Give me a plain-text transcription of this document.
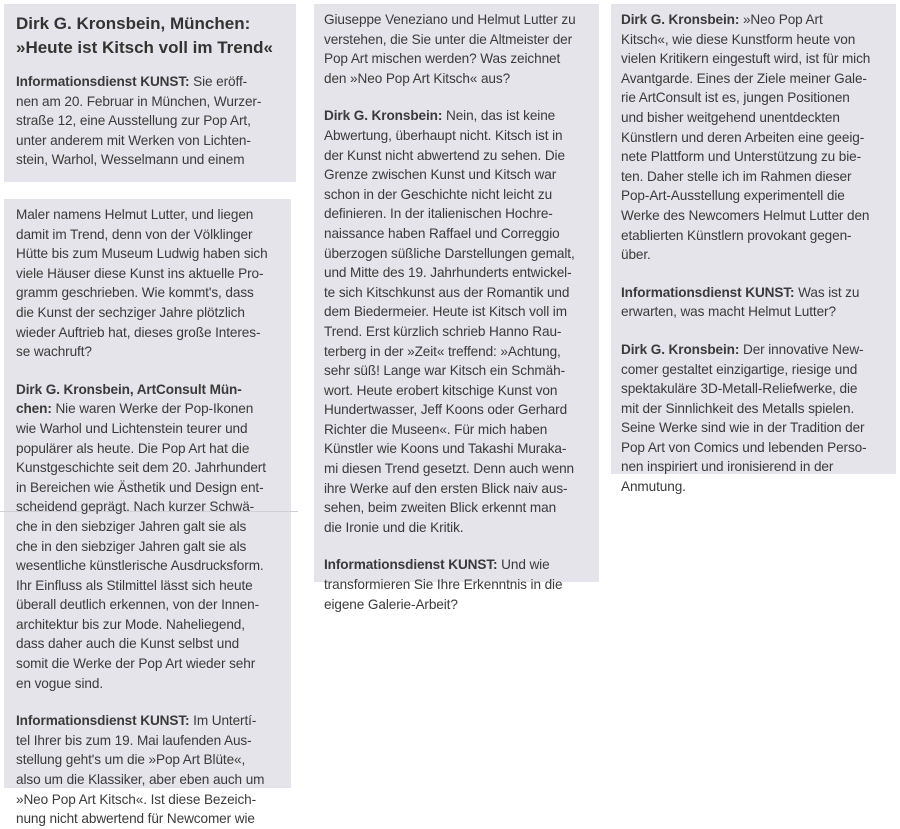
Dirk G. Kronsbein, München:
»Heute ist Kitsch voll im Trend«
Informationsdienst KUNST: Sie eröff-
nen am 20. Februar in München, Wurzer-
straße 12, eine Ausstellung zur Pop Art,
unter anderem mit Werken von Lichten-
stein, Warhol, Wesselmann und einem
Maler namens Helmut Lutter, und liegen
damit im Trend, denn von der Völklinger
Hütte bis zum Museum Ludwig haben sich
viele Häuser diese Kunst ins aktuelle Pro-
gramm geschrieben. Wie kommt's, dass
die Kunst der sechziger Jahre plötzlich
wieder Auftrieb hat, dieses große Interes-
se wachruft?
Dirk G. Kronsbein, ArtConsult Mün-
chen: Nie waren Werke der Pop-Ikonen
wie Warhol und Lichtenstein teurer und
populärer als heute. Die Pop Art hat die
Kunstgeschichte seit dem 20. Jahrhundert
in Bereichen wie Ästhetik und Design ent-
scheidend geprägt. Nach kurzer Schwä-
che in den siebziger Jahren galt sie als
che in den siebziger Jahren galt sie als
wesentliche künstlerische Ausdrucksform.
Ihr Einfluss als Stilmittel lässt sich heute
überall deutlich erkennen, von der Innen-
architektur bis zur Mode. Naheliegend,
dass daher auch die Kunst selbst und
somit die Werke der Pop Art wieder sehr
en vogue sind.
Informationsdienst KUNST: Im Untertí-
tel Ihrer bis zum 19. Mai laufenden Aus-
stellung geht's um die »Pop Art Blüte«,
also um die Klassiker, aber eben auch um
»Neo Pop Art Kitsch«. Ist diese Bezeich-
nung nicht abwertend für Newcomer wie
Giuseppe Veneziano und Helmut Lutter zu
verstehen, die Sie unter die Altmeister der
Pop Art mischen werden? Was zeichnet
den »Neo Pop Art Kitsch« aus?
Dirk G. Kronsbein: Nein, das ist keine
Abwertung, überhaupt nicht. Kitsch ist in
der Kunst nicht abwertend zu sehen. Die
Grenze zwischen Kunst und Kitsch war
schon in der Geschichte nicht leicht zu
definieren. In der italienischen Hochre-
naissance haben Raffael und Correggio
überzogen süßliche Darstellungen gemalt,
und Mitte des 19. Jahrhunderts entwickel-
te sich Kitschkunst aus der Romantik und
dem Biedermeier. Heute ist Kitsch voll im
Trend. Erst kürzlich schrieb Hanno Rau-
terberg in der »Zeit« treffend: »Achtung,
sehr süß! Lange war Kitsch ein Schmäh-
wort. Heute erobert kitschige Kunst von
Hundertwasser, Jeff Koons oder Gerhard
Richter die Museen«. Für mich haben
Künstler wie Koons und Takashi Muraka-
mi diesen Trend gesetzt. Denn auch wenn
ihre Werke auf den ersten Blick naiv aus-
sehen, beim zweiten Blick erkennt man
die Ironie und die Kritik.
Informationsdienst KUNST: Und wie
transformieren Sie Ihre Erkenntnis in die
eigene Galerie-Arbeit?
Dirk G. Kronsbein: »Neo Pop Art
Kitsch«, wie diese Kunstform heute von
vielen Kritikern eingestuft wird, ist für mich
Avantgarde. Eines der Ziele meiner Gale-
rie ArtConsult ist es, jungen Positionen
und bisher weitgehend unentdeckten
Künstlern und deren Arbeiten eine geeig-
nete Plattform und Unterstützung zu bie-
ten. Daher stelle ich im Rahmen dieser
Pop-Art-Ausstellung experimentell die
Werke des Newcomers Helmut Lutter den
etablierten Künstlern provokant gegen-
über.
Informationsdienst KUNST: Was ist zu
erwarten, was macht Helmut Lutter?
Dirk G. Kronsbein: Der innovative New-
comer gestaltet einzigartige, riesige und
spektakuläre 3D-Metall-Reliefwerke, die
mit der Sinnlichkeit des Metalls spielen.
Seine Werke sind wie in der Tradition der
Pop Art von Comics und lebenden Perso-
nen inspiriert und ironisierend in der
Anmutung.
